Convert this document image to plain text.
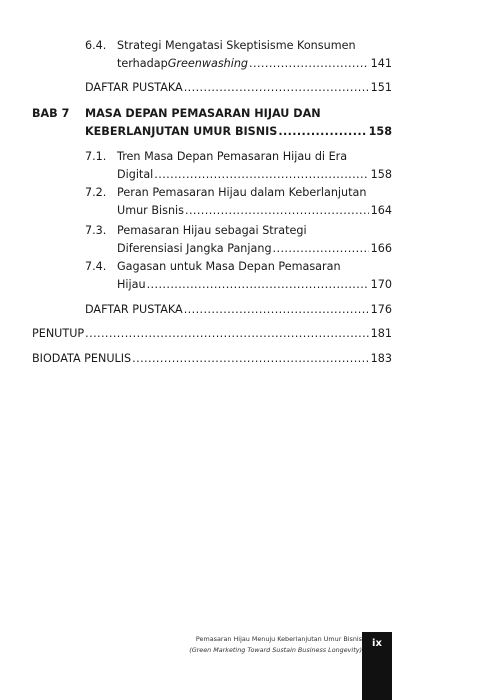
6.4. Strategi Mengatasi Skeptisisme Konsumen
terhadap Greenwashing .....	141
DAFTAR PUSTAKA .....	151
BAB 7 MASA DEPAN PEMASARAN HIJAU DAN
KEBERLANJUTAN UMUR BISNIS .....	158
7.1. Tren Masa Depan Pemasaran Hijau di Era
Digital .....	158
7.2. Peran Pemasaran Hijau dalam Keberlanjutan
Umur Bisnis .....	164
7.3. Pemasaran Hijau sebagai Strategi
Diferensiasi Jangka Panjang .....	166
7.4. Gagasan untuk Masa Depan Pemasaran
Hijau .....	170
DAFTAR PUSTAKA .....	176
PENUTUP .....	181
BIODATA PENULIS .....	183
Pemasaran Hijau Menuju Keberlanjutan Umur Bisnis
(Green Marketing Toward Sustain Business Longevity)
ix
